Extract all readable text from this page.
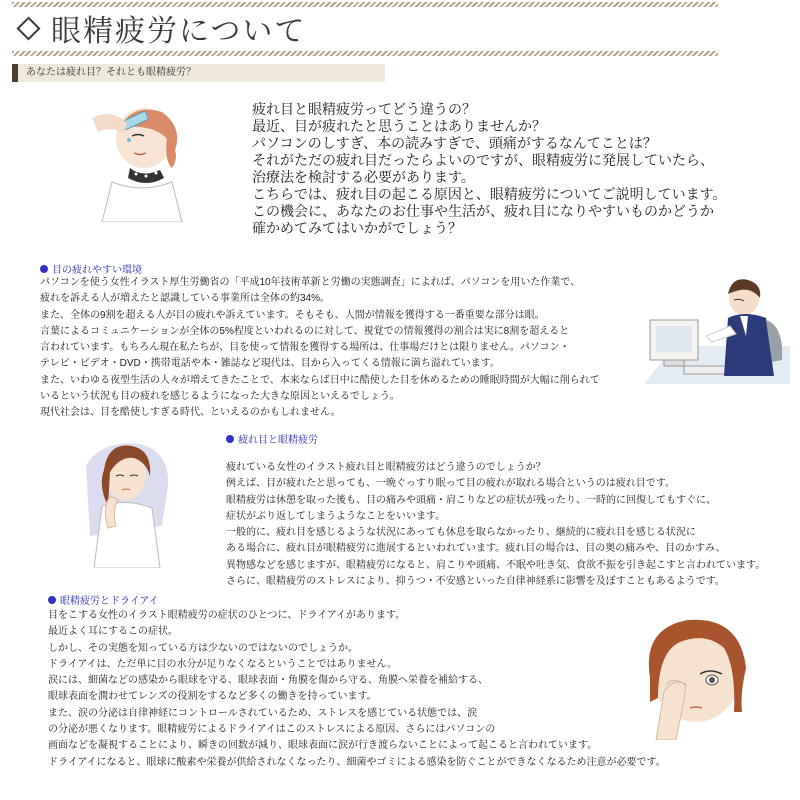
眼精疲労について
あなたは疲れ目？それとも眼精疲労？
疲れ目と眼精疲労ってどう違うの？
最近、目が疲れたと思うことはありませんか？
パソコンのしすぎ、本の読みすぎで、頭痛がするなんてことは？
それがただの疲れ目だったらよいのですが、眼精疲労に発展していたら、
治療法を検討する必要があります。
こちらでは、疲れ目の起こる原因と、眼精疲労についてご説明しています。
この機会に、あなたのお仕事や生活が、疲れ目になりやすいものかどうか
確かめてみてはいかがでしょう？
目の疲れやすい環境
パソコンを使う女性イラスト厚生労働省の「平成10年技術革新と労働の実態調査」によれば、パソコンを用いた作業で、
疲れを訴える人が増えたと認識している事業所は全体の約34%。
また、全体の9割を超える人が目の疲れや訴えています。そもそも、人間が情報を獲得する一番重要な部分は眼。
言葉によるコミュニケーションが全体の5%程度といわれるのに対して、視覚での情報獲得の割合は実に8割を超えると
言われています。もちろん現在私たちが、目を使って情報を獲得する場所は、仕事場だけとは限りません。パソコン・
テレビ・ビデオ・DVD・携帯電話や本・雑誌など現代は、目から入ってくる情報に満ち溢れています。
また、いわゆる夜型生活の人々が増えてきたことで、本来ならば日中に酷使した目を休めるための睡眠時間が大幅に削られて
いるという状況も目の疲れを感じるようになった大きな原因といえるでしょう。
現代社会は、目を酷使しすぎる時代、といえるのかもしれません。
疲れ目と眼精疲労
疲れている女性のイラスト疲れ目と眼精疲労はどう違うのでしょうか？
例えば、目が疲れたと思っても、一晩ぐっすり眠って目の疲れが取れる場合というのは疲れ目です。
眼精疲労は休憩を取った後も、目の痛みや頭痛・肩こりなどの症状が残ったり、一時的に回復してもすぐに、
症状がぶり返してしまうようなことをいいます。
一般的に、疲れ目を感じるような状況にあっても休息を取らなかったり、継続的に疲れ目を感じる状況に
ある場合に、疲れ目が眼精疲労に進展するといわれています。疲れ目の場合は、目の奥の痛みや、目のかすみ、
異物感などを感じますが、眼精疲労になると、肩こりや頭痛、不眠や吐き気、食欲不振を引き起こすと言われています。
さらに、眼精疲労のストレスにより、抑うつ・不安感といった自律神経系に影響を及ぼすこともあるようです。
眼精疲労とドライアイ
目をこする女性のイラスト眼精疲労の症状のひとつに、ドライアイがあります。
最近よく耳にするこの症状。
しかし、その実態を知っている方は少ないのではないのでしょうか。
ドライアイは、ただ単に目の水分が足りなくなるということではありません。
涙には、細菌などの感染から眼球を守る、眼球表面・角膜を傷から守る、角膜へ栄養を補給する、
眼球表面を潤わせてレンズの役割をするなど多くの働きを持っています。
また、涙の分泌は自律神経にコントロールされているため、ストレスを感じている状態では、涙
の分泌が悪くなります。眼精疲労によるドライアイはこのストレスによる原因、さらにはパソコンの
画面などを凝視することにより、瞬きの回数が減り、眼球表面に涙が行き渡らないことによって起こると言われています。
ドライアイになると、眼球に酸素や栄養が供給されなくなったり、細菌やゴミによる感染を防ぐことができなくなるため注意が必要です。
